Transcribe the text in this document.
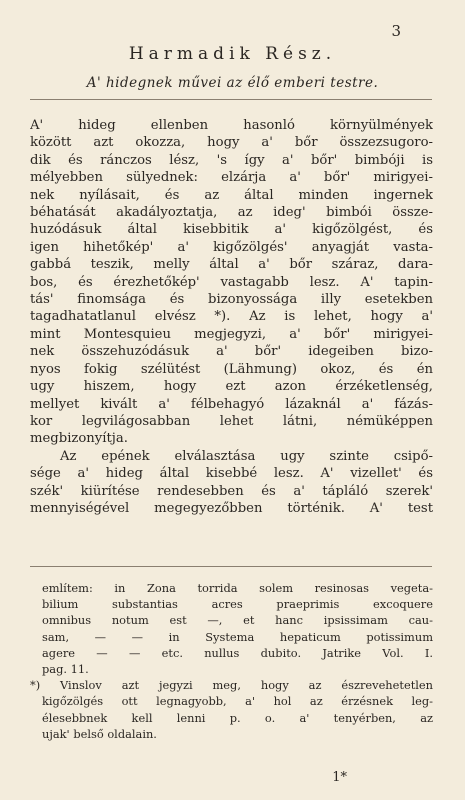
3
Harmadik Rész.
A' hidegnek művei az élő emberi testre.
A' hideg ellenben hasonló környülmények
között azt okozza, hogy a' bőr összezsugoro-
dik és ránczos lész, 's így a' bőr' bimbóji is
mélyebben sülyednek: elzárja a' bőr' mirigyei-
nek nyílásait, és az által minden ingernek
béhatását akadályoztatja, az ideg' bimbói össze-
huzódásuk által kisebbitik a' kigőzölgést, és
igen hihetőkép' a' kigőzölgés' anyagját vasta-
gabbá teszik, melly által a' bőr száraz, dara-
bos, és érezhetőkép' vastagabb lesz. A' tapin-
tás' finomsága és bizonyossága illy esetekben
tagadhatatlanul elvész *). Az is lehet, hogy a'
mint Montesquieu megjegyzi, a' bőr' mirigyei-
nek összehuzódásuk a' bőr' idegeiben bizo-
nyos fokig szélütést (Lähmung) okoz, és én
ugy hiszem, hogy ezt azon érzéketlenség,
mellyet kivált a' félbehagyó lázaknál a' fázás-
kor legvilágosabban lehet látni, némüképpen
megbizonyítja.
Az epének elválasztása ugy szinte csipő-
sége a' hideg által kisebbé lesz. A' vizellet' és
szék' kiürítése rendesebben és a' tápláló szerek'
mennyiségével megegyezőbben történik. A' test
említem: in Zona torrida solem resinosas vegeta-
bilium substantias acres praeprimis excoquere
omnibus notum est —, et hanc ipsissimam cau-
sam, — — in Systema hepaticum potissimum
agere — — etc. nullus dubito. Jatrike Vol. I.
pag. 11.
*) Vinslov azt jegyzi meg, hogy az észrevehetetlen
kigőzölgés ott legnagyobb, a' hol az érzésnek leg-
élesebbnek kell lenni p. o. a' tenyérben, az
ujak' belső oldalain.
1*
